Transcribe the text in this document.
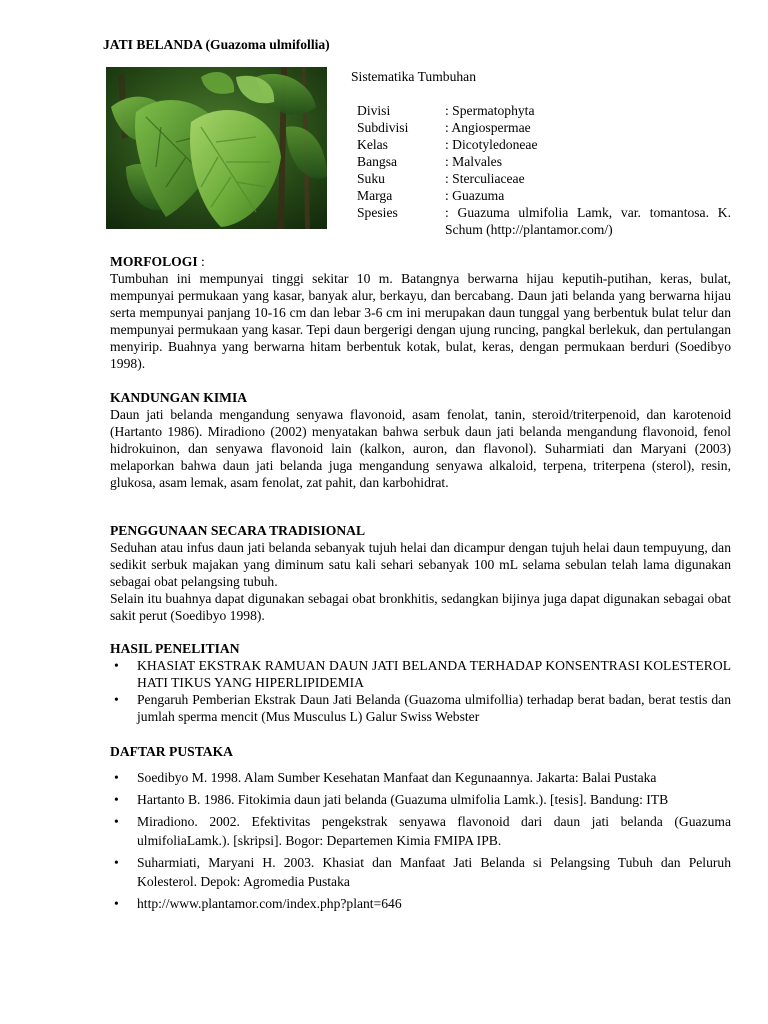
JATI BELANDA (Guazoma ulmifollia)
Sistematika Tumbuhan
Divisi	: Spermatophyta
Subdivisi	: Angiospermae
Kelas	: Dicotyledoneae
Bangsa	: Malvales
Suku	: Sterculiaceae
Marga	: Guazuma
Spesies	: Guazuma ulmifolia Lamk, var. tomantosa. K. Schum (http://plantamor.com/)
MORFOLOGI :
Tumbuhan ini mempunyai tinggi sekitar 10 m. Batangnya berwarna hijau keputih-putihan, keras, bulat, mempunyai permukaan yang kasar, banyak alur, berkayu, dan bercabang. Daun jati belanda yang berwarna hijau serta mempunyai panjang 10-16 cm dan lebar 3-6 cm ini merupakan daun tunggal yang berbentuk bulat telur dan mempunyai permukaan yang kasar. Tepi daun bergerigi dengan ujung runcing, pangkal berlekuk, dan pertulangan menyirip. Buahnya yang berwarna hitam berbentuk kotak, bulat, keras, dengan permukaan berduri (Soedibyo 1998).
KANDUNGAN KIMIA
Daun jati belanda mengandung senyawa flavonoid, asam fenolat, tanin, steroid/triterpenoid, dan karotenoid (Hartanto 1986). Miradiono (2002) menyatakan bahwa serbuk daun jati belanda mengandung flavonoid, fenol hidrokuinon, dan senyawa flavonoid lain (kalkon, auron, dan flavonol). Suharmiati dan Maryani (2003) melaporkan bahwa daun jati belanda juga mengandung senyawa alkaloid, terpena, triterpena (sterol), resin, glukosa, asam lemak, asam fenolat, zat pahit, dan karbohidrat.
PENGGUNAAN SECARA TRADISIONAL
Seduhan atau infus daun jati belanda sebanyak tujuh helai dan dicampur dengan tujuh helai daun tempuyung, dan sedikit serbuk majakan yang diminum satu kali sehari sebanyak 100 mL selama sebulan telah lama digunakan sebagai obat pelangsing tubuh.
Selain itu buahnya dapat digunakan sebagai obat bronkhitis, sedangkan bijinya juga dapat digunakan sebagai obat sakit perut (Soedibyo 1998).
HASIL PENELITIAN
• KHASIAT EKSTRAK RAMUAN DAUN JATI BELANDA TERHADAP KONSENTRASI KOLESTEROL HATI TIKUS YANG HIPERLIPIDEMIA
• Pengaruh Pemberian Ekstrak Daun Jati Belanda (Guazoma ulmifollia) terhadap berat badan, berat testis dan jumlah sperma mencit (Mus Musculus L) Galur Swiss Webster
DAFTAR PUSTAKA
• Soedibyo M. 1998. Alam Sumber Kesehatan Manfaat dan Kegunaannya. Jakarta: Balai Pustaka
• Hartanto B. 1986. Fitokimia daun jati belanda (Guazuma ulmifolia Lamk.). [tesis]. Bandung: ITB
• Miradiono. 2002. Efektivitas pengekstrak senyawa flavonoid dari daun jati belanda (Guazuma ulmifoliaLamk.). [skripsi]. Bogor: Departemen Kimia FMIPA IPB.
• Suharmiati, Maryani H. 2003. Khasiat dan Manfaat Jati Belanda si Pelangsing Tubuh dan Peluruh Kolesterol. Depok: Agromedia Pustaka
• http://www.plantamor.com/index.php?plant=646
